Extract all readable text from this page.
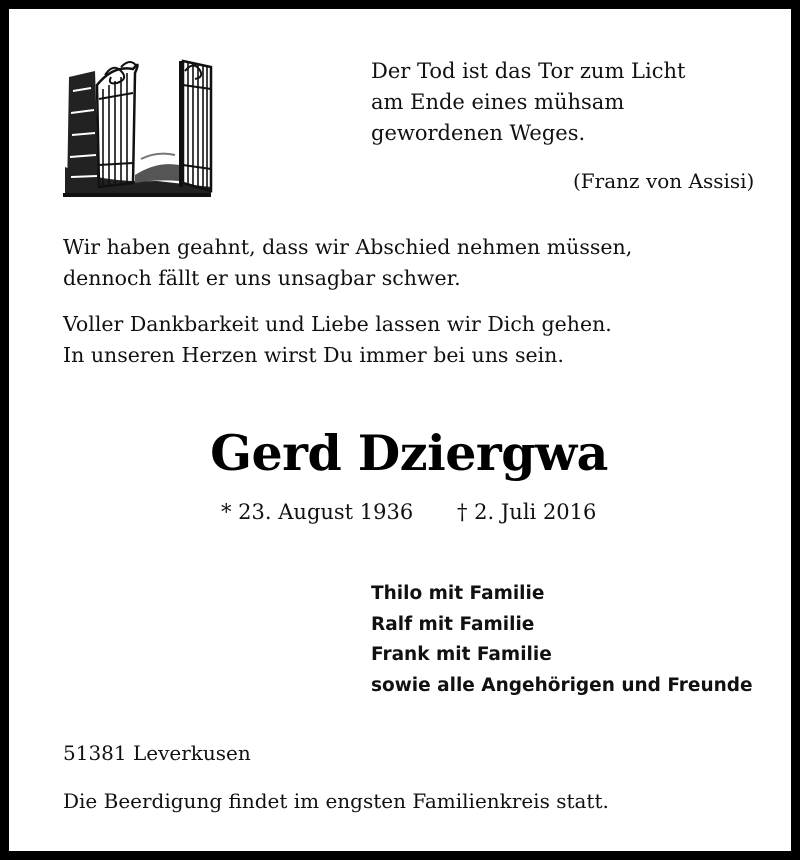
Der Tod ist das Tor zum Licht
am Ende eines mühsam
gewordenen Weges.
(Franz von Assisi)
Wir haben geahnt, dass wir Abschied nehmen müssen,
dennoch fällt er uns unsagbar schwer.
Voller Dankbarkeit und Liebe lassen wir Dich gehen.
In unseren Herzen wirst Du immer bei uns sein.
Gerd Dziergwa
* 23. August 1936 † 2. Juli 2016
Thilo mit Familie
Ralf mit Familie
Frank mit Familie
sowie alle Angehörigen und Freunde
51381 Leverkusen
Die Beerdigung findet im engsten Familienkreis statt.
